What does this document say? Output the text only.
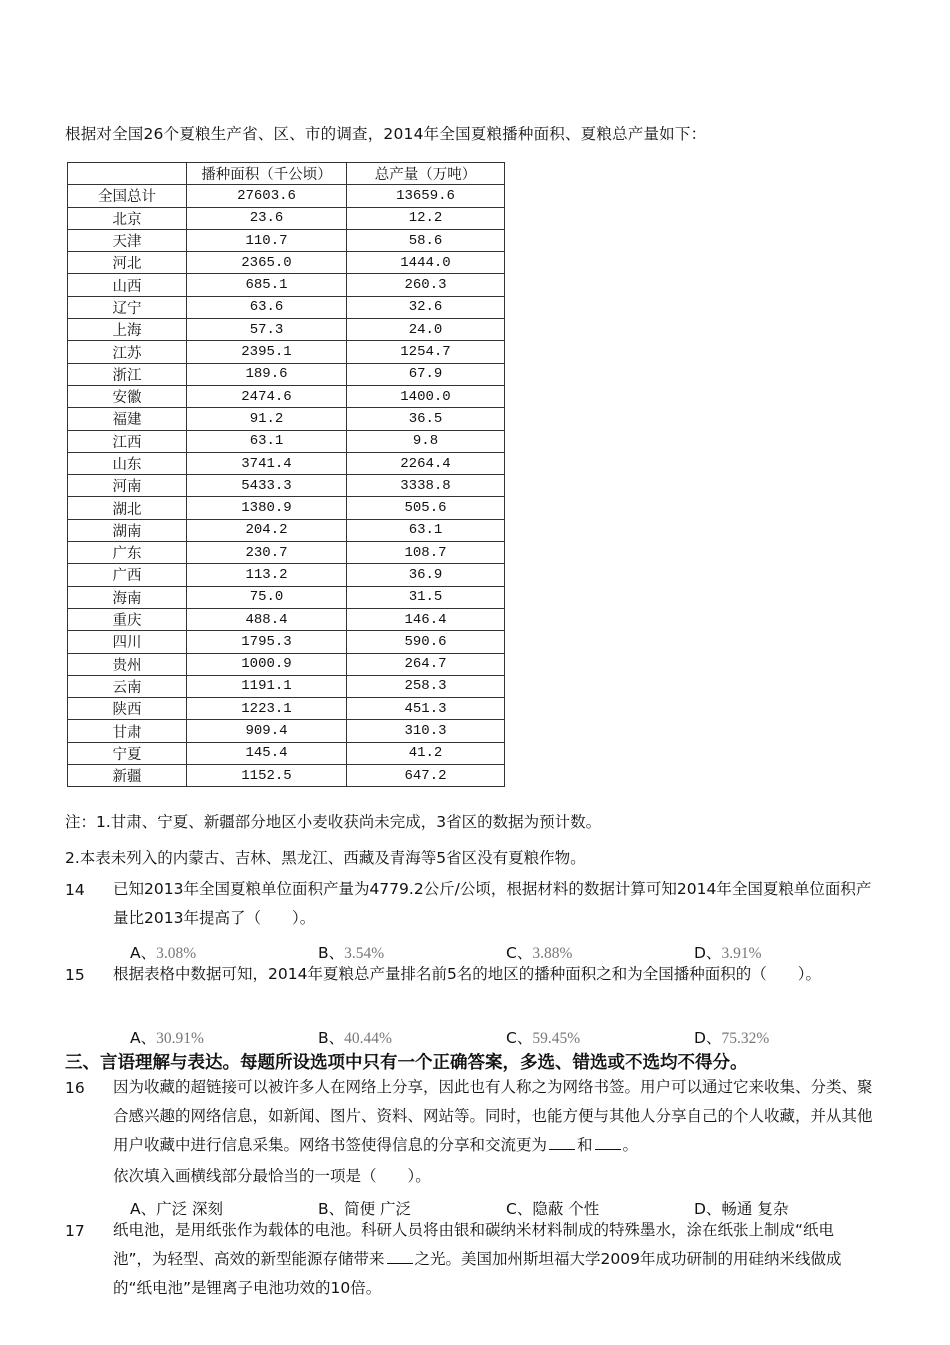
根据对全国26个夏粮生产省、区、市的调查，2014年全国夏粮播种面积、夏粮总产量如下：
	播种面积（千公顷）	总产量（万吨）
全国总计	27603.6	13659.6
北京	23.6	12.2
天津	110.7	58.6
河北	2365.0	1444.0
山西	685.1	260.3
辽宁	63.6	32.6
上海	57.3	24.0
江苏	2395.1	1254.7
浙江	189.6	67.9
安徽	2474.6	1400.0
福建	91.2	36.5
江西	63.1	9.8
山东	3741.4	2264.4
河南	5433.3	3338.8
湖北	1380.9	505.6
湖南	204.2	63.1
广东	230.7	108.7
广西	113.2	36.9
海南	75.0	31.5
重庆	488.4	146.4
四川	1795.3	590.6
贵州	1000.9	264.7
云南	1191.1	258.3
陕西	1223.1	451.3
甘肃	909.4	310.3
宁夏	145.4	41.2
新疆	1152.5	647.2
注：1.甘肃、宁夏、新疆部分地区小麦收获尚未完成，3省区的数据为预计数。
2.本表未列入的内蒙古、吉林、黑龙江、西藏及青海等5省区没有夏粮作物。
14 已知2013年全国夏粮单位面积产量为4779.2公斤/公顷，根据材料的数据计算可知2014年全国夏粮单位面积产量比2013年提高了（　　）。
A、3.08%	B、3.54%	C、3.88%	D、3.91%
15 根据表格中数据可知，2014年夏粮总产量排名前5名的地区的播种面积之和为全国播种面积的（　　）。
A、30.91%	B、40.44%	C、59.45%	D、75.32%
三、言语理解与表达。每题所设选项中只有一个正确答案，多选、错选或不选均不得分。
16 因为收藏的超链接可以被许多人在网络上分享，因此也有人称之为网络书签。用户可以通过它来收集、分类、聚合感兴趣的网络信息，如新闻、图片、资料、网站等。同时，也能方便与其他人分享自己的个人收藏，并从其他用户收藏中进行信息采集。网络书签使得信息的分享和交流更为 和 。
依次填入画横线部分最恰当的一项是（　　）。
A、广泛 深刻	B、简便 广泛	C、隐蔽 个性	D、畅通 复杂
17 纸电池，是用纸张作为载体的电池。科研人员将由银和碳纳米材料制成的特殊墨水，涂在纸张上制成“纸电池”，为轻型、高效的新型能源存储带来 之光。美国加州斯坦福大学2009年成功研制的用硅纳米线做成的“纸电池”是锂离子电池功效的10倍。
